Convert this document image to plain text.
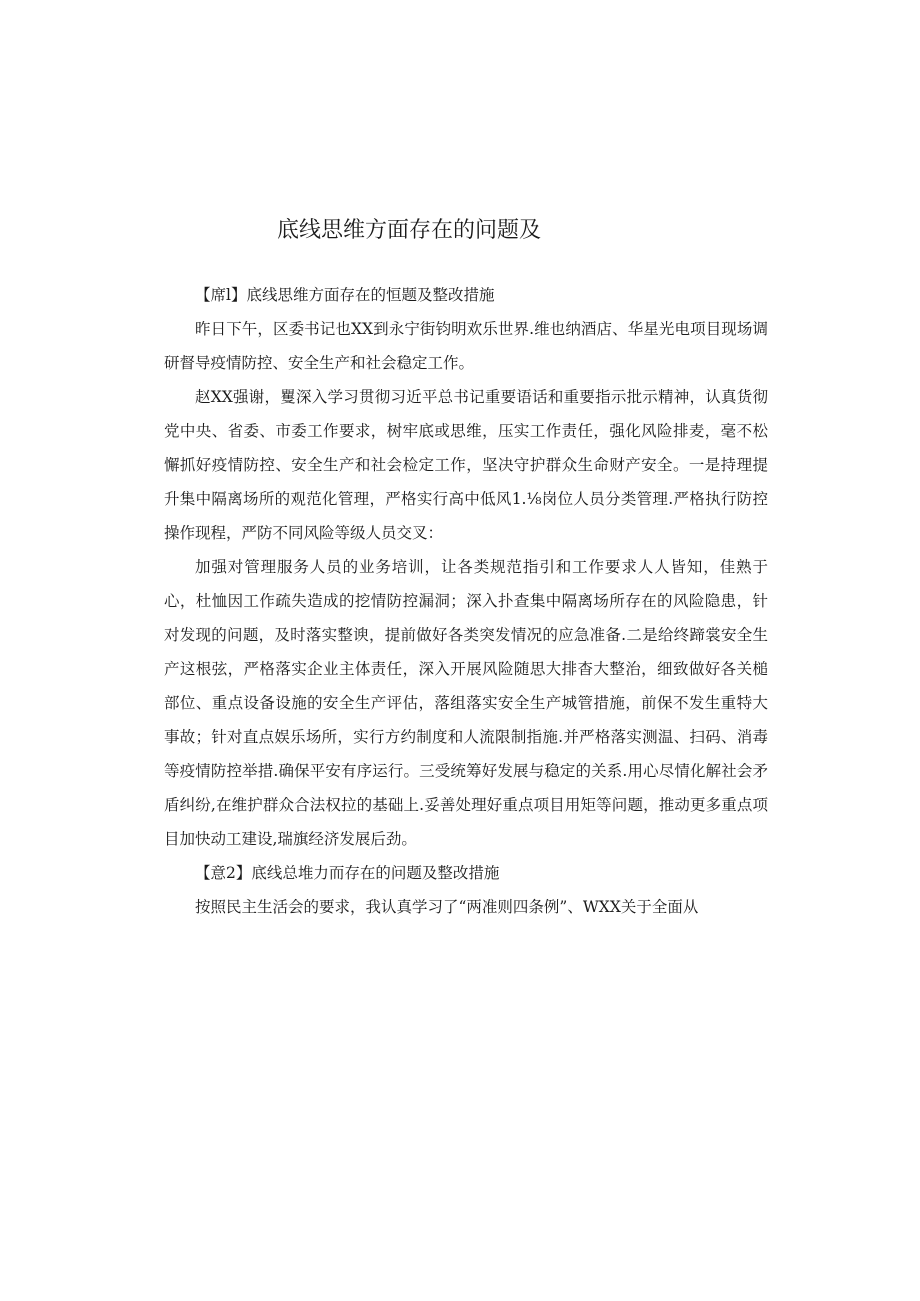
底线思维方面存在的问题及

【席l】底线思维方面存在的恒题及整改措施

昨日下午，区委书记也XX到永宁街钧明欢乐世界.维也纳酒店、华星光电项目现场调研督导疫情防控、安全生产和社会稳定工作。

赵XX强谢，矍深入学习贯彻习近平总书记重要语话和重要指示批示精神，认真货彻党中央、省委、市委工作要求，树牢底或思维，压实工作责任，强化风险排麦，毫不松懈抓好疫情防控、安全生产和社会检定工作，坚决守护群众生命财产安全。一是持理提升集中隔离场所的观范化管理，严格实行高中低风1.⅛岗位人员分类管理.严格执行防控操作现程，严防不同风险等级人员交叉：

加强对管理服务人员的业务培训，让各类规范指引和工作要求人人皆知，佳熟于心，杜恤因工作疏失造成的挖情防控漏洞；深入扑查集中隔离场所存在的风险隐患，针对发现的问题，及时落实整谀，提前做好各类突发情况的应急准备.二是给终蹄裳安全生产这根弦，严格落实企业主体责任，深入开展风险随思大排杳大整治，细致做好各关槌部位、重点设备设施的安全生产评估，落组落实安全生产城管措施，前保不发生重特大事故；针对直点娱乐场所，实行方约制度和人流限制指施.并严格落实测温、扫码、消毒等疫情防控举措.确保平安有序运行。三受统筹好发展与稳定的关系.用心尽情化解社会矛盾纠纷,在维护群众合法权拉的基础上.妥善处理好重点项目用矩等问题，推动更多重点项目加快动工建设,瑞旗经济发展后劲。

【意2】底线总堆力而存在的问题及整改措施

按照民主生活会的要求，我认真学习了“两准则四条例”、WXX关于全面从
